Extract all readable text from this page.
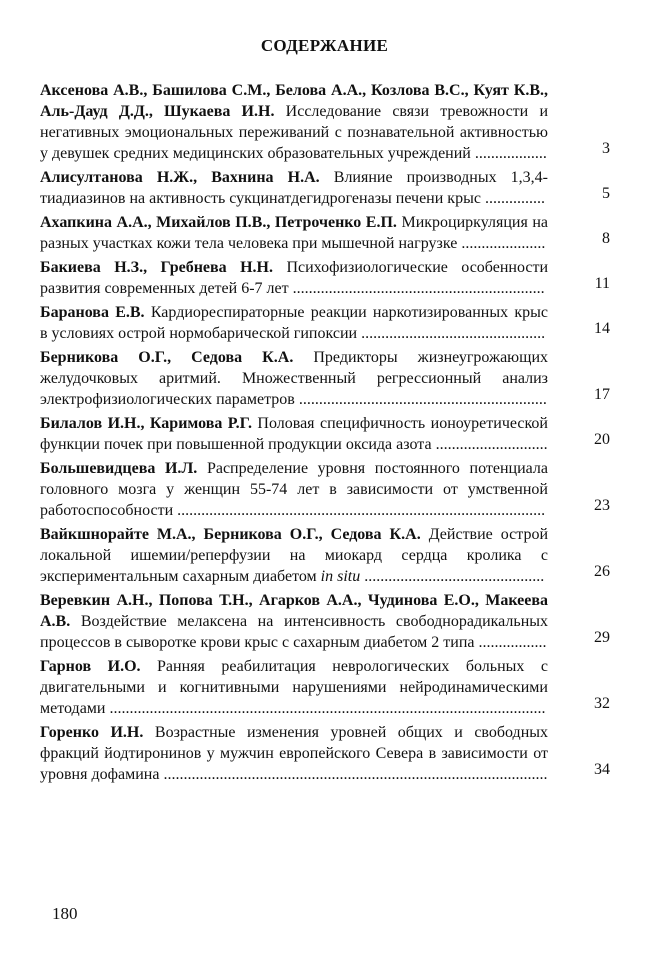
СОДЕРЖАНИЕ
Аксенова А.В., Башилова С.М., Белова А.А., Козлова В.С., Куят К.В., Аль-Дауд Д.Д., Шукаева И.Н. Исследование связи тревожности и негативных эмоциональных переживаний с познавательной активностью у девушек средних медицинских образовательных учреждений ..................	3
Алисултанова Н.Ж., Вахнина Н.А. Влияние производных 1,3,4-тиадиазинов на активность сукцинатдегидрогеназы печени крыс ...............	5
Ахапкина А.А., Михайлов П.В., Петроченко Е.П. Микроциркуляция на разных участках кожи тела человека при мышечной нагрузке .....................	8
Бакиева Н.З., Гребнева Н.Н. Психофизиологические особенности развития современных детей 6-7 лет ...............................................................	11
Баранова Е.В. Кардиореспираторные реакции наркотизированных крыс в условиях острой нормобарической гипоксии ..............................................	14
Берникова О.Г., Седова К.А. Предикторы жизнеугрожающих желудочковых аритмий. Множественный регрессионный анализ электрофизиологических параметров ..............................................................	17
Билалов И.Н., Каримова Р.Г. Половая специфичность ионоуретической функции почек при повышенной продукции оксида азота ............................	20
Большевидцева И.Л. Распределение уровня постоянного потенциала головного мозга у женщин 55-74 лет в зависимости от умственной работоспособности ............................................................................................	23
Вайкшнорайте М.А., Берникова О.Г., Седова К.А. Действие острой локальной ишемии/реперфузии на миокард сердца кролика с экспериментальным сахарным диабетом in situ .............................................	26
Веревкин А.Н., Попова Т.Н., Агарков А.А., Чудинова Е.О., Макеева А.В. Воздействие мелаксена на интенсивность свободнорадикальных процессов в сыворотке крови крыс с сахарным диабетом 2 типа .................	29
Гарнов И.О. Ранняя реабилитация неврологических больных с двигательными и когнитивными нарушениями нейродинамическими методами .............................................................................................................	32
Горенко И.Н. Возрастные изменения уровней общих и свободных фракций йодтиронинов у мужчин европейского Севера в зависимости от уровня дофамина ................................................................................................	34
180
